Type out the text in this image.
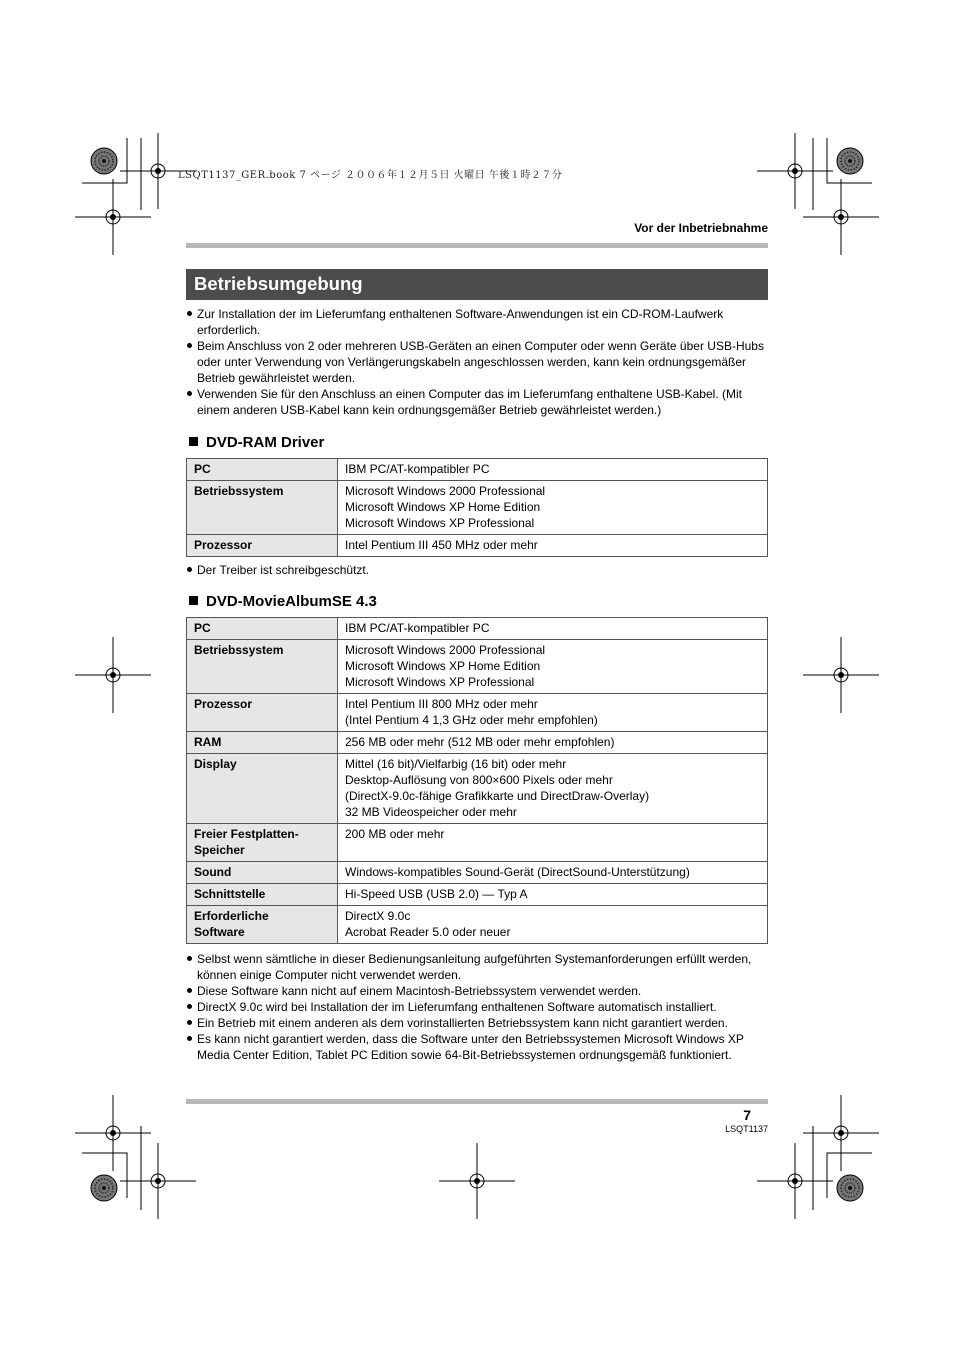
LSQT1137_GER.book 7 ページ ２００６年１２月５日 火曜日 午後１時２７分
Vor der Inbetriebnahme
Betriebsumgebung
Zur Installation der im Lieferumfang enthaltenen Software-Anwendungen ist ein CD-ROM-Laufwerk erforderlich.
Beim Anschluss von 2 oder mehreren USB-Geräten an einen Computer oder wenn Geräte über USB-Hubs oder unter Verwendung von Verlängerungskabeln angeschlossen werden, kann kein ordnungsgemäßer Betrieb gewährleistet werden.
Verwenden Sie für den Anschluss an einen Computer das im Lieferumfang enthaltene USB-Kabel. (Mit einem anderen USB-Kabel kann kein ordnungsgemäßer Betrieb gewährleistet werden.)
DVD-RAM Driver
PC	IBM PC/AT-kompatibler PC
Betriebssystem	Microsoft Windows 2000 Professional
Microsoft Windows XP Home Edition
Microsoft Windows XP Professional
Prozessor	Intel Pentium III 450 MHz oder mehr
Der Treiber ist schreibgeschützt.
DVD-MovieAlbumSE 4.3
PC	IBM PC/AT-kompatibler PC
Betriebssystem	Microsoft Windows 2000 Professional
Microsoft Windows XP Home Edition
Microsoft Windows XP Professional
Prozessor	Intel Pentium III 800 MHz oder mehr
(Intel Pentium 4 1,3 GHz oder mehr empfohlen)
RAM	256 MB oder mehr (512 MB oder mehr empfohlen)
Display	Mittel (16 bit)/Vielfarbig (16 bit) oder mehr
Desktop-Auflösung von 800×600 Pixels oder mehr
(DirectX-9.0c-fähige Grafikkarte und DirectDraw-Overlay)
32 MB Videospeicher oder mehr
Freier Festplatten-
Speicher	200 MB oder mehr
Sound	Windows-kompatibles Sound-Gerät (DirectSound-Unterstützung)
Schnittstelle	Hi-Speed USB (USB 2.0) — Typ A
Erforderliche
Software	DirectX 9.0c
Acrobat Reader 5.0 oder neuer
Selbst wenn sämtliche in dieser Bedienungsanleitung aufgeführten Systemanforderungen erfüllt werden, können einige Computer nicht verwendet werden.
Diese Software kann nicht auf einem Macintosh-Betriebssystem verwendet werden.
DirectX 9.0c wird bei Installation der im Lieferumfang enthaltenen Software automatisch installiert.
Ein Betrieb mit einem anderen als dem vorinstallierten Betriebssystem kann nicht garantiert werden.
Es kann nicht garantiert werden, dass die Software unter den Betriebssystemen Microsoft Windows XP Media Center Edition, Tablet PC Edition sowie 64-Bit-Betriebssystemen ordnungsgemäß funktioniert.
7
LSQT1137
